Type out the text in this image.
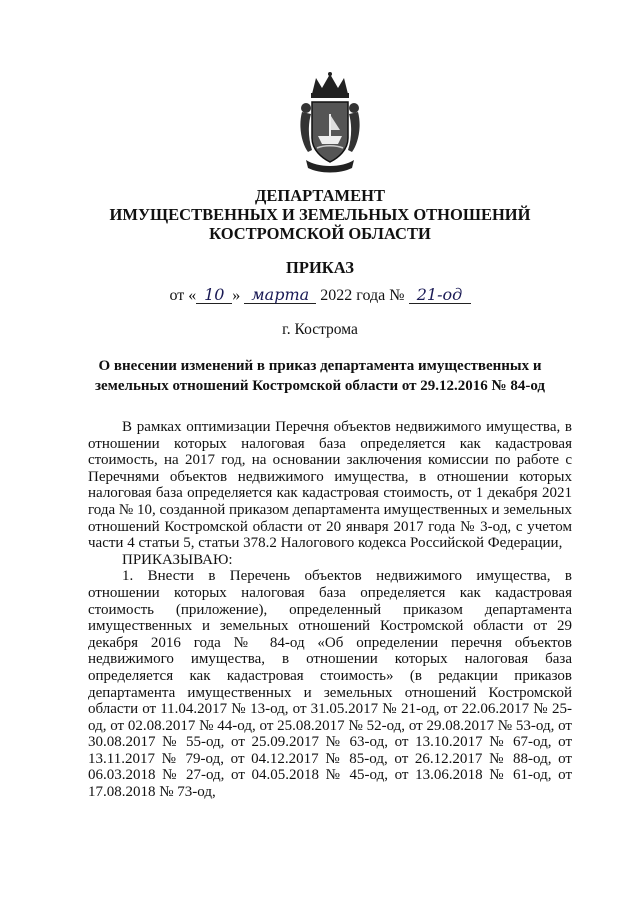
ДЕПАРТАМЕНТ
ИМУЩЕСТВЕННЫХ И ЗЕМЕЛЬНЫХ ОТНОШЕНИЙ
КОСТРОМСКОЙ ОБЛАСТИ
ПРИКАЗ
от « 10 » марта 2022 года № 21-од
г. Кострома
О внесении изменений в приказ департамента имущественных и
земельных отношений Костромской области от 29.12.2016 № 84-од

В рамках оптимизации Перечня объектов недвижимого имущества, в отношении которых налоговая база определяется как кадастровая стоимость, на 2017 год, на основании заключения комиссии по работе с Перечнями объектов недвижимого имущества, в отношении которых налоговая база определяется как кадастровая стоимость, от 1 декабря 2021 года № 10, созданной приказом департамента имущественных и земельных отношений Костромской области от 20 января 2017 года № 3-од, с учетом части 4 статьи 5, статьи 378.2 Налогового кодекса Российской Федерации,

ПРИКАЗЫВАЮ:

1. Внести в Перечень объектов недвижимого имущества, в отношении которых налоговая база определяется как кадастровая стоимость (приложение), определенный приказом департамента имущественных и земельных отношений Костромской области от 29 декабря 2016 года № 84-од «Об определении перечня объектов недвижимого имущества, в отношении которых налоговая база определяется как кадастровая стоимость» (в редакции приказов департамента имущественных и земельных отношений Костромской области от 11.04.2017 № 13-од, от 31.05.2017 № 21-од, от 22.06.2017 № 25-од, от 02.08.2017 № 44-од, от 25.08.2017 № 52-од, от 29.08.2017 № 53-од, от 30.08.2017 № 55-од, от 25.09.2017 № 63-од, от 13.10.2017 № 67-од, от 13.11.2017 № 79-од, от 04.12.2017 № 85-од, от 26.12.2017 № 88-од, от 06.03.2018 № 27-од, от 04.05.2018 № 45-од, от 13.06.2018 № 61-од, от 17.08.2018 № 73-од,
